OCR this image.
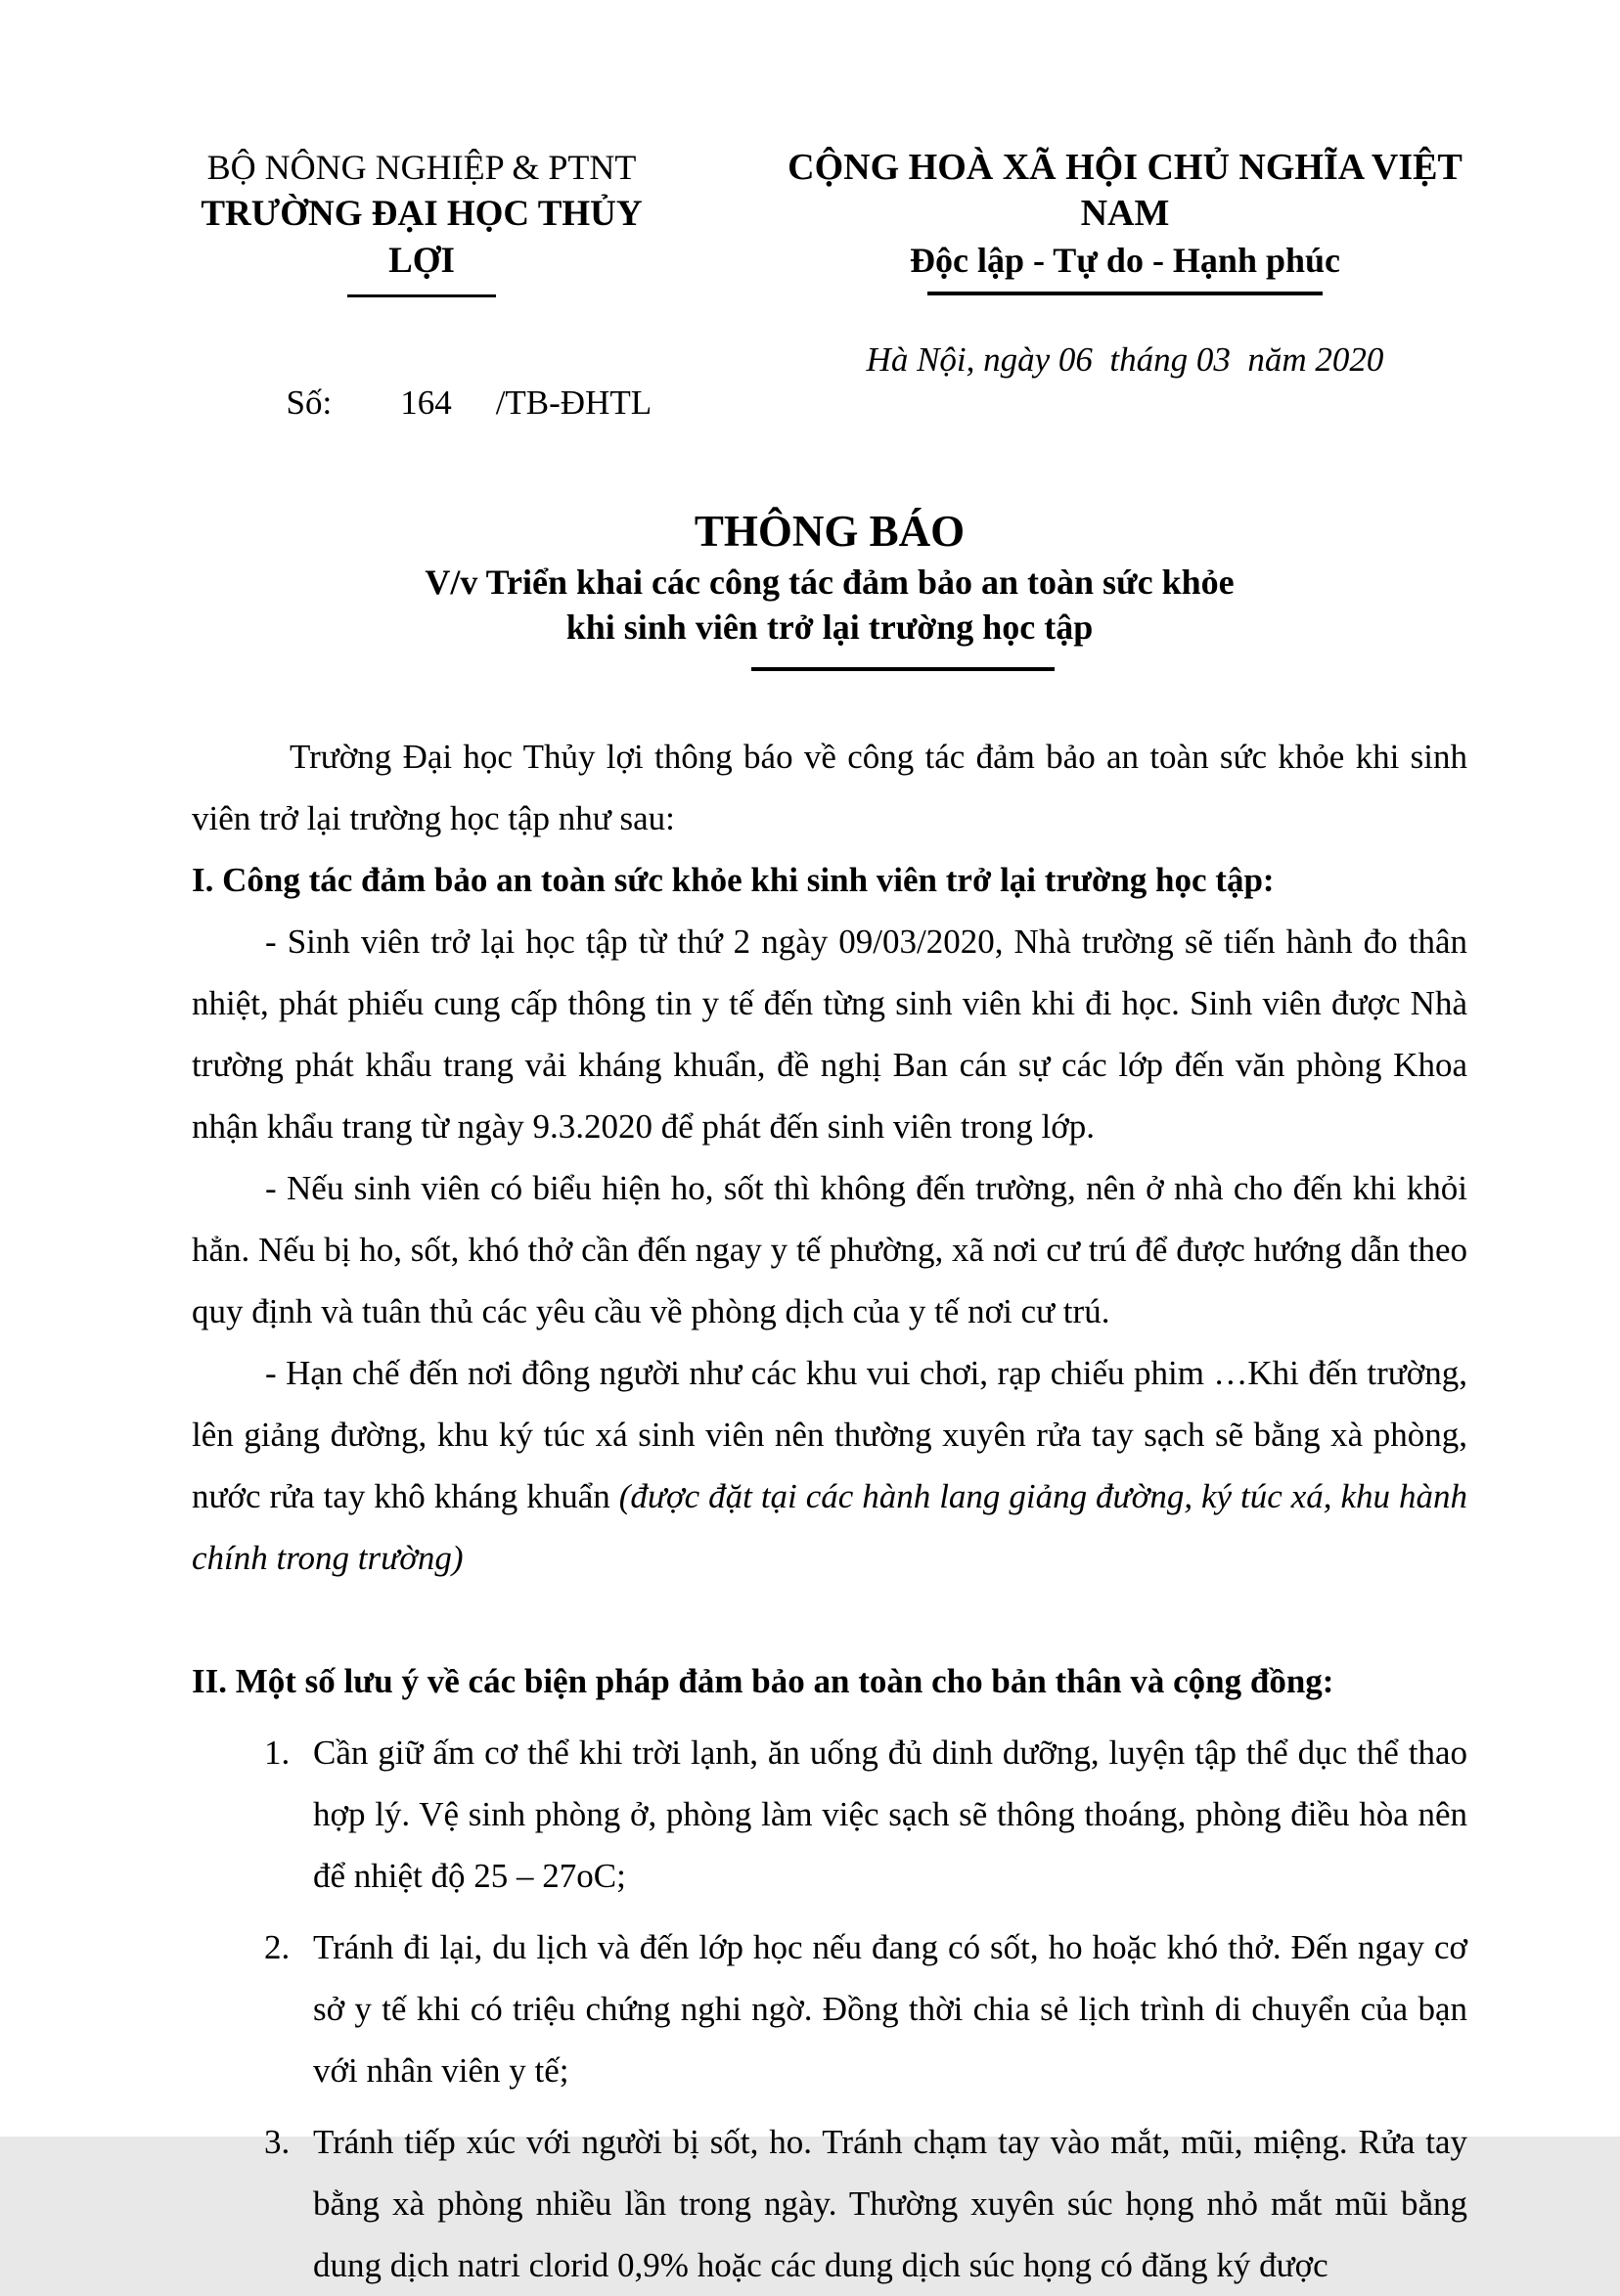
BỘ NÔNG NGHIỆP & PTNT
TRƯỜNG ĐẠI HỌC THỦY LỢI
CỘNG HOÀ XÃ HỘI CHỦ NGHĨA VIỆT NAM
Độc lập - Tự do - Hạnh phúc

Số: 164 /TB-ĐHTL

Hà Nội, ngày 06  tháng 03  năm 2020
THÔNG BÁO
V/v Triển khai các công tác đảm bảo an toàn sức khỏe
khi sinh viên trở lại trường học tập

Trường Đại học Thủy lợi thông báo về công tác đảm bảo an toàn sức khỏe khi sinh viên trở lại trường học tập như sau:

I. Công tác đảm bảo an toàn sức khỏe khi sinh viên trở lại trường học tập:

- Sinh viên trở lại học tập từ thứ 2 ngày 09/03/2020, Nhà trường sẽ tiến hành đo thân nhiệt, phát phiếu cung cấp thông tin y tế đến từng sinh viên khi đi học. Sinh viên được Nhà trường phát khẩu trang vải kháng khuẩn, đề nghị Ban cán sự các lớp đến văn phòng Khoa nhận khẩu trang từ ngày 9.3.2020 để phát đến sinh viên trong lớp.

- Nếu sinh viên có biểu hiện ho, sốt thì không đến trường, nên ở nhà cho đến khi khỏi hẳn. Nếu bị ho, sốt, khó thở cần đến ngay y tế phường, xã nơi cư trú để được hướng dẫn theo quy định và tuân thủ các yêu cầu về phòng dịch của y tế nơi cư trú.

- Hạn chế đến nơi đông người như các khu vui chơi, rạp chiếu phim …Khi đến trường, lên giảng đường, khu ký túc xá sinh viên nên thường xuyên rửa tay sạch sẽ bằng xà phòng, nước rửa tay khô kháng khuẩn (được đặt tại các hành lang giảng đường, ký túc xá, khu hành chính trong trường)

II. Một số lưu ý về các biện pháp đảm bảo an toàn cho bản thân và cộng đồng:

1. Cần giữ ấm cơ thể khi trời lạnh, ăn uống đủ dinh dưỡng, luyện tập thể dục thể thao hợp lý. Vệ sinh phòng ở, phòng làm việc sạch sẽ thông thoáng, phòng điều hòa nên để nhiệt độ 25 – 27oC;
2. Tránh đi lại, du lịch và đến lớp học nếu đang có sốt, ho hoặc khó thở. Đến ngay cơ sở y tế khi có triệu chứng nghi ngờ. Đồng thời chia sẻ lịch trình di chuyển của bạn với nhân viên y tế;
3. Tránh tiếp xúc với người bị sốt, ho. Tránh chạm tay vào mắt, mũi, miệng. Rửa tay bằng xà phòng nhiều lần trong ngày. Thường xuyên súc họng nhỏ mắt mũi bằng dung dịch natri clorid 0,9% hoặc các dung dịch súc họng có đăng ký được
